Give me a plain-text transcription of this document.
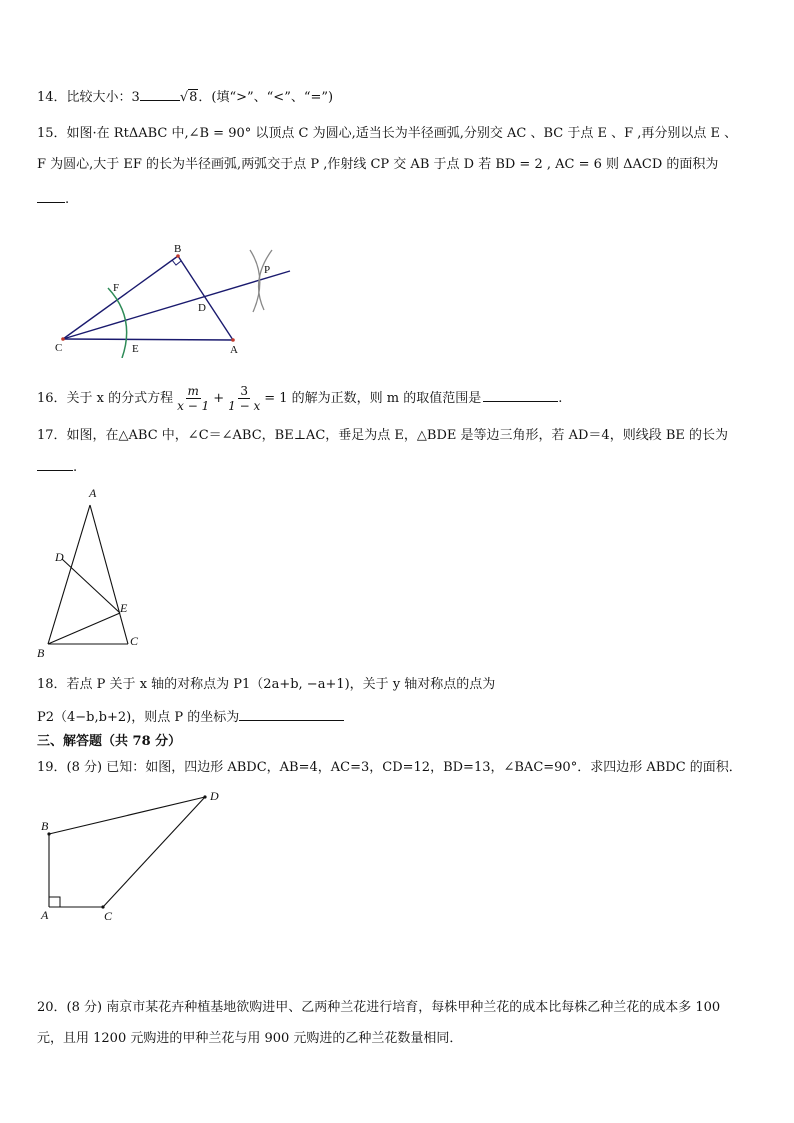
14．比较大小：3	√8．(填“>”、“<”、“=”)
15．如图·在 RtΔABC 中,∠B = 90° 以顶点 C 为圆心,适当长为半径画弧,分别交 AC 、BC 于点 E 、F ,再分别以点 E 、
F 为圆心,大于 EF 的长为半径画弧,两弧交于点 P ,作射线 CP 交 AB 于点 D 若 BD = 2 , AC = 6 则 ΔACD 的面积为
.
B
F
P
D
C	E	A
16．关于 x 的分式方程 $\frac{m}{x - 1} + \frac{3}{1 - x} = 1$ 的解为正数，则 m 的取值范围是	.
17．如图，在△ABC 中，∠C＝∠ABC，BE⊥AC，垂足为点 E，△BDE 是等边三角形，若 AD＝4，则线段 BE 的长为
.
A
D
E
B
C
18．若点 P 关于 x 轴的对称点为 P1（2a+b, −a+1)，关于 y 轴对称点的点为
P2（4−b,b+2)，则点 P 的坐标为
三、解答题（共 78 分）
19．(8 分) 已知：如图，四边形 ABDC，AB=4，AC=3，CD=12，BD=13，∠BAC=90°．求四边形 ABDC 的面积．
D
B
A	C
20．(8 分) 南京市某花卉种植基地欲购进甲、乙两种兰花进行培育，每株甲种兰花的成本比每株乙种兰花的成本多 100
元，且用 1200 元购进的甲种兰花与用 900 元购进的乙种兰花数量相同．
